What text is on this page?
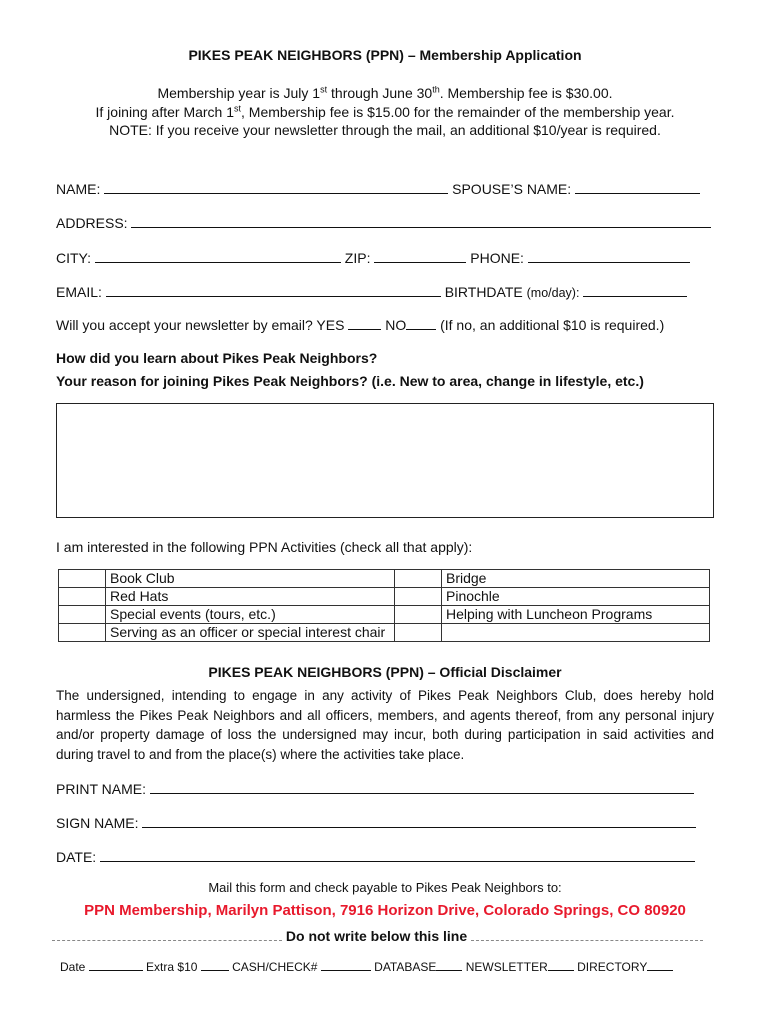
PIKES PEAK NEIGHBORS (PPN) – Membership Application
Membership year is July 1st through June 30th. Membership fee is $30.00.
If joining after March 1st, Membership fee is $15.00 for the remainder of the membership year.
NOTE: If you receive your newsletter through the mail, an additional $10/year is required.
NAME:	SPOUSE’S NAME:
ADDRESS:
CITY:	ZIP:	PHONE:
EMAIL:	BIRTHDATE (mo/day):
Will you accept your newsletter by email? YES	NO (If no, an additional $10 is required.)
How did you learn about Pikes Peak Neighbors?
Your reason for joining Pikes Peak Neighbors? (i.e. New to area, change in lifestyle, etc.)
I am interested in the following PPN Activities (check all that apply):
	Book Club		Bridge
	Red Hats		Pinochle
	Special events (tours, etc.)		Helping with Luncheon Programs
	Serving as an officer or special interest chair		
PIKES PEAK NEIGHBORS (PPN) – Official Disclaimer
The undersigned, intending to engage in any activity of Pikes Peak Neighbors Club, does hereby hold harmless the Pikes Peak Neighbors and all officers, members, and agents thereof, from any personal injury and/or property damage of loss the undersigned may incur, both during participation in said activities and during travel to and from the place(s) where the activities take place.
PRINT NAME:
SIGN NAME:
DATE:
Mail this form and check payable to Pikes Peak Neighbors to:
PPN Membership, Marilyn Pattison, 7916 Horizon Drive, Colorado Springs, CO 80920
Do not write below this line
Date	Extra $10	CASH/CHECK#	DATABASE NEWSLETTER DIRECTORY
